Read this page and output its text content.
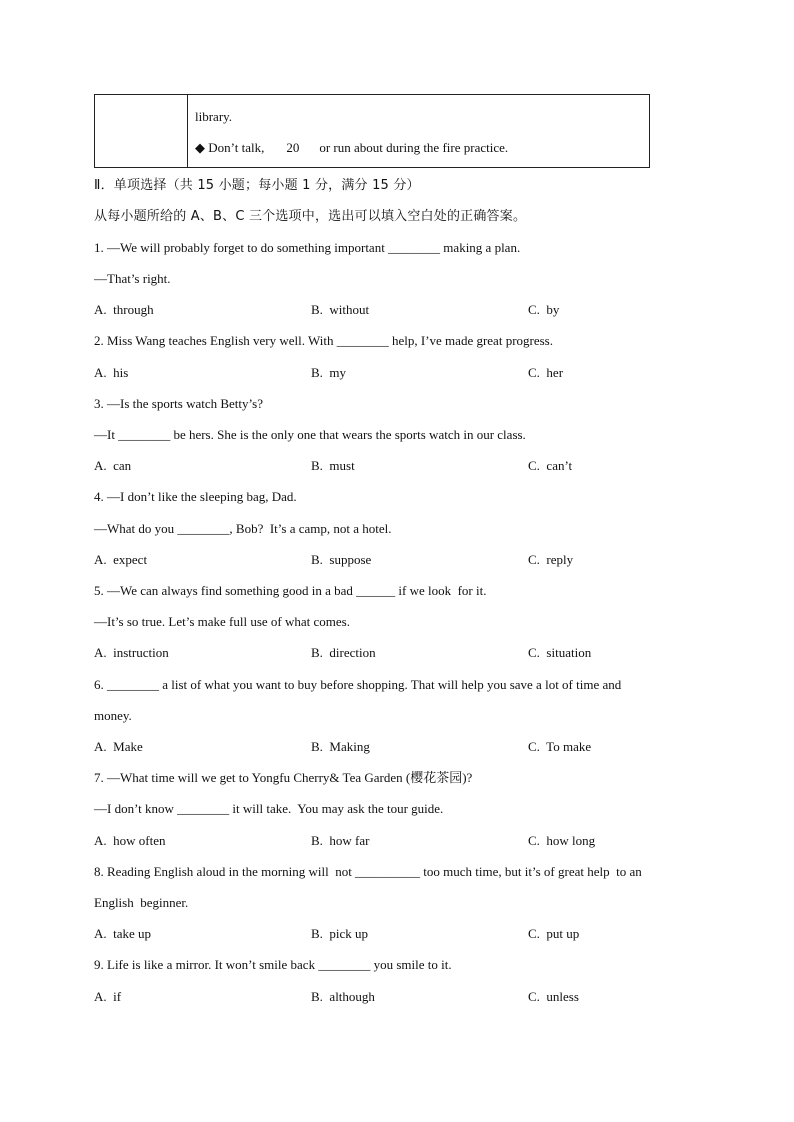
library.
◆ Don’t talk, 20 or run about during the fire practice.
Ⅱ．单项选择（共 15 小题；每小题 1 分，满分 15 分）
从每小题所给的 A、B、C 三个选项中，选出可以填入空白处的正确答案。
1. —We will probably forget to do something important ________ making a plan.
—That’s right.
A.  through	B.  without	C.  by
2. Miss Wang teaches English very well. With ________ help, I’ve made great progress.
A.  his	B.  my	C.  her
3. —Is the sports watch Betty’s?
—It ________ be hers. She is the only one that wears the sports watch in our class.
A.  can	B.  must	C.  can’t
4. —I don’t like the sleeping bag, Dad.
—What do you ________, Bob?  It’s a camp, not a hotel.
A.  expect	B.  suppose	C.  reply
5. —We can always find something good in a bad ______ if we look  for it.
—It’s so true. Let’s make full use of what comes.
A.  instruction	B.  direction	C.  situation
6. ________ a list of what you want to buy before shopping. That will help you save a lot of time and
money.
A.  Make	B.  Making	C.  To make
7. —What time will we get to Yongfu Cherry& Tea Garden (樱花茶园)?
—I don’t know ________ it will take.  You may ask the tour guide.
A.  how often	B.  how far	C.  how long
8. Reading English aloud in the morning will  not __________ too much time, but it’s of great help  to an
English  beginner.
A.  take up	B.  pick up	C.  put up
9. Life is like a mirror. It won’t smile back ________ you smile to it.
A.  if	B.  although	C.  unless
